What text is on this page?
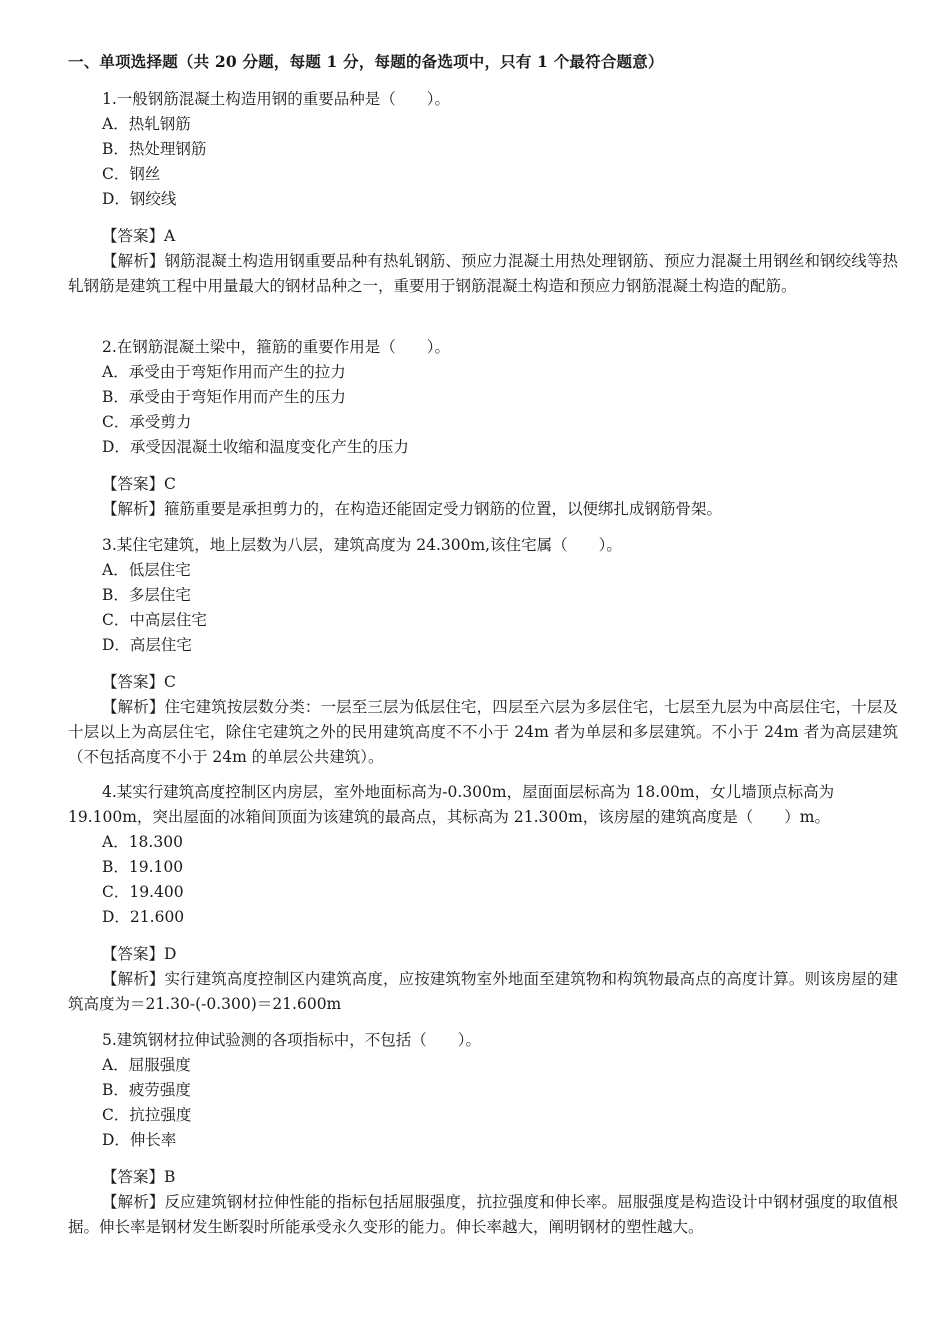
一、单项选择题（共 20 分题，每题 1 分，每题的备选项中，只有 1 个最符合题意）
1.一般钢筋混凝土构造用钢的重要品种是（　　）。
A．热轧钢筋
B．热处理钢筋
C．钢丝
D．钢绞线
【答案】A
【解析】钢筋混凝土构造用钢重要品种有热轧钢筋、预应力混凝土用热处理钢筋、预应力混凝土用钢丝和钢绞线等热轧钢筋是建筑工程中用量最大的钢材品种之一，重要用于钢筋混凝土构造和预应力钢筋混凝土构造的配筋。
2.在钢筋混凝土梁中，箍筋的重要作用是（　　）。
A．承受由于弯矩作用而产生的拉力
B．承受由于弯矩作用而产生的压力
C．承受剪力
D．承受因混凝土收缩和温度变化产生的压力
【答案】C
【解析】箍筋重要是承担剪力的，在构造还能固定受力钢筋的位置，以便绑扎成钢筋骨架。
3.某住宅建筑，地上层数为八层，建筑高度为 24.300m,该住宅属（　　）。
A．低层住宅
B．多层住宅
C．中高层住宅
D．高层住宅
【答案】C
【解析】住宅建筑按层数分类：一层至三层为低层住宅，四层至六层为多层住宅，七层至九层为中高层住宅，十层及十层以上为高层住宅，除住宅建筑之外的民用建筑高度不不小于 24m 者为单层和多层建筑。不小于 24m 者为高层建筑（不包括高度不小于 24m 的单层公共建筑）。
4.某实行建筑高度控制区内房层，室外地面标高为-0.300m，屋面面层标高为 18.00m，女儿墙顶点标高为 19.100m，突出屋面的冰箱间顶面为该建筑的最高点，其标高为 21.300m，该房屋的建筑高度是（　　）m。
A．18.300
B．19.100
C．19.400
D．21.600
【答案】D
【解析】实行建筑高度控制区内建筑高度，应按建筑物室外地面至建筑物和构筑物最高点的高度计算。则该房屋的建筑高度为＝21.30-(-0.300)＝21.600m
5.建筑钢材拉伸试验测的各项指标中，不包括（　　）。
A．屈服强度
B．疲劳强度
C．抗拉强度
D．伸长率
【答案】B
【解析】反应建筑钢材拉伸性能的指标包括屈服强度，抗拉强度和伸长率。屈服强度是构造设计中钢材强度的取值根据。伸长率是钢材发生断裂时所能承受永久变形的能力。伸长率越大，阐明钢材的塑性越大。
